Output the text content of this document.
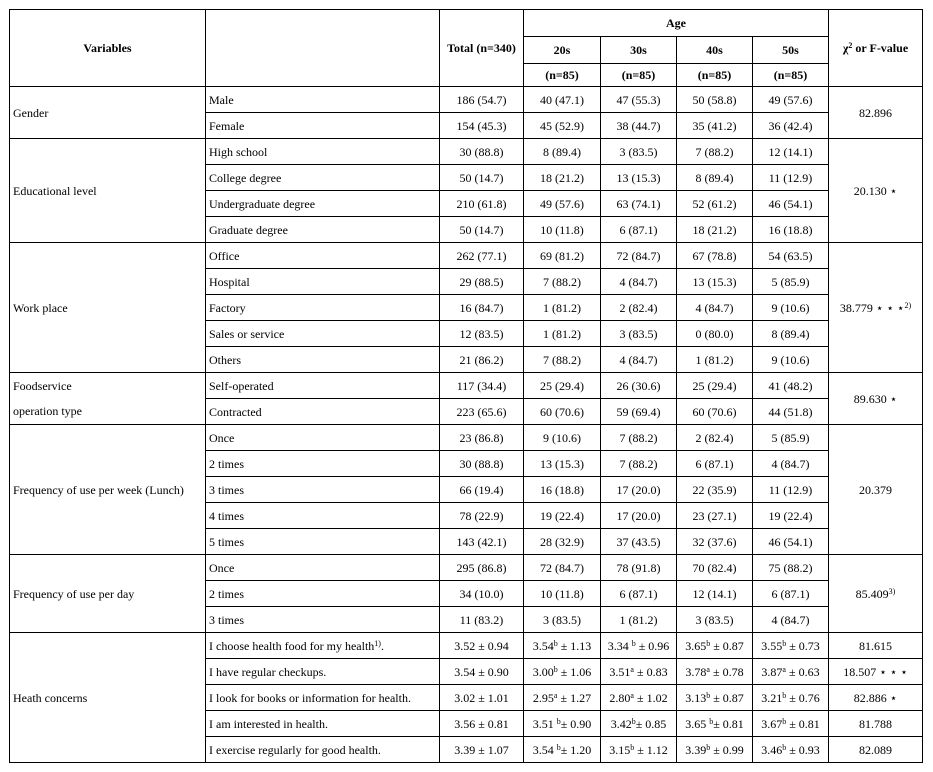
Variables		Total (n=340)	Age				$\chi^2$ or F-value
			20s	30s	40s	50s	
			(n=85)	(n=85)	(n=85)	(n=85)	
Gender	Male	186 (54.7)	40 (47.1)	47 (55.3)	50 (58.8)	49 (57.6)	82.896
	Female	154 (45.3)	45 (52.9)	38 (44.7)	35 (41.2)	36 (42.4)	
Educational level	High school	30 (88.8)	8 (89.4)	3 (83.5)	7 (88.2)	12 (14.1)	20.130 ⋆
	College degree	50 (14.7)	18 (21.2)	13 (15.3)	8 (89.4)	11 (12.9)	
	Undergraduate degree	210 (61.8)	49 (57.6)	63 (74.1)	52 (61.2)	46 (54.1)	
	Graduate degree	50 (14.7)	10 (11.8)	6 (87.1)	18 (21.2)	16 (18.8)	
Work place	Office	262 (77.1)	69 (81.2)	72 (84.7)	67 (78.8)	54 (63.5)	38.779 ⋆ ⋆ ⋆$^{2)}$
	Hospital	29 (88.5)	7 (88.2)	4 (84.7)	13 (15.3)	5 (85.9)	
	Factory	16 (84.7)	1 (81.2)	2 (82.4)	4 (84.7)	9 (10.6)	
	Sales or service	12 (83.5)	1 (81.2)	3 (83.5)	0 (80.0)	8 (89.4)	
	Others	21 (86.2)	7 (88.2)	4 (84.7)	1 (81.2)	9 (10.6)	
Foodservice	Self-operated	117 (34.4)	25 (29.4)	26 (30.6)	25 (29.4)	41 (48.2)	89.630 ⋆
operation type	Contracted	223 (65.6)	60 (70.6)	59 (69.4)	60 (70.6)	44 (51.8)	
Frequency of use per week (Lunch)	Once	23 (86.8)	9 (10.6)	7 (88.2)	2 (82.4)	5 (85.9)	20.379
	2 times	30 (88.8)	13 (15.3)	7 (88.2)	6 (87.1)	4 (84.7)	
	3 times	66 (19.4)	16 (18.8)	17 (20.0)	22 (35.9)	11 (12.9)	
	4 times	78 (22.9)	19 (22.4)	17 (20.0)	23 (27.1)	19 (22.4)	
	5 times	143 (42.1)	28 (32.9)	37 (43.5)	32 (37.6)	46 (54.1)	
Frequency of use per day	Once	295 (86.8)	72 (84.7)	78 (91.8)	70 (82.4)	75 (88.2)	85.409$^{3)}$
	2 times	34 (10.0)	10 (11.8)	6 (87.1)	12 (14.1)	6 (87.1)	
	3 times	11 (83.2)	3 (83.5)	1 (81.2)	3 (83.5)	4 (84.7)	
Heath concerns	I choose health food for my health$^{1)}$.	3.52 ± 0.94	3.54$^b$ ± 1.13	3.34 $^b$ ± 0.96	3.65$^b$ ± 0.87	3.55$^b$ ± 0.73	81.615
	I have regular checkups.	3.54 ± 0.90	3.00$^b$ ± 1.06	3.51$^a$ ± 0.83	3.78$^a$ ± 0.78	3.87$^a$ ± 0.63	18.507 ⋆ ⋆ ⋆
	I look for books or information for health.	3.02 ± 1.01	2.95$^a$ ± 1.27	2.80$^a$ ± 1.02	3.13$^b$ ± 0.87	3.21$^b$ ± 0.76	82.886 ⋆
	I am interested in health.	3.56 ± 0.81	3.51 $^b$± 0.90	3.42$^b$± 0.85	3.65 $^b$± 0.81	3.67$^b$ ± 0.81	81.788
	I exercise regularly for good health.	3.39 ± 1.07	3.54 $^b$± 1.20	3.15$^b$ ± 1.12	3.39$^b$ ± 0.99	3.46$^b$ ± 0.93	82.089
